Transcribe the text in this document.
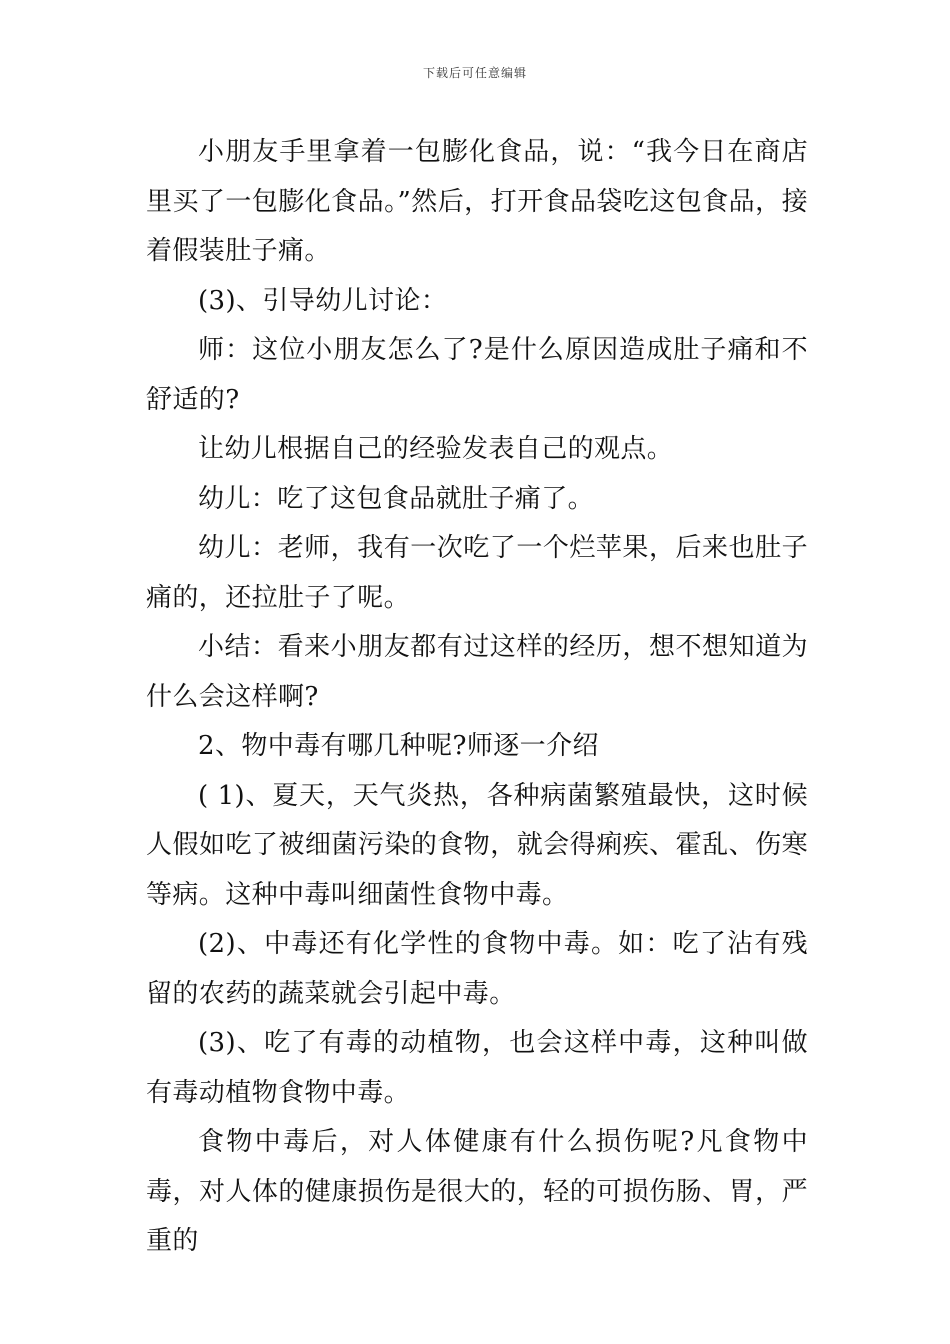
下载后可任意编辑

小朋友手里拿着一包膨化食品，说：“我今日在商店里买了一包膨化食品。”然后，打开食品袋吃这包食品，接着假装肚子痛。

(3)、引导幼儿讨论：

师：这位小朋友怎么了?是什么原因造成肚子痛和不舒适的?

让幼儿根据自己的经验发表自己的观点。

幼儿：吃了这包食品就肚子痛了。

幼儿：老师，我有一次吃了一个烂苹果，后来也肚子痛的，还拉肚子了呢。

小结：看来小朋友都有过这样的经历，想不想知道为什么会这样啊?

2、物中毒有哪几种呢?师逐一介绍

( 1)、夏天，天气炎热，各种病菌繁殖最快，这时候人假如吃了被细菌污染的食物，就会得痢疾、霍乱、伤寒等病。这种中毒叫细菌性食物中毒。

(2)、中毒还有化学性的食物中毒。如：吃了沾有残留的农药的蔬菜就会引起中毒。

(3)、吃了有毒的动植物，也会这样中毒，这种叫做有毒动植物食物中毒。

食物中毒后，对人体健康有什么损伤呢?凡食物中毒，对人体的健康损伤是很大的，轻的可损伤肠、胃，严重的
